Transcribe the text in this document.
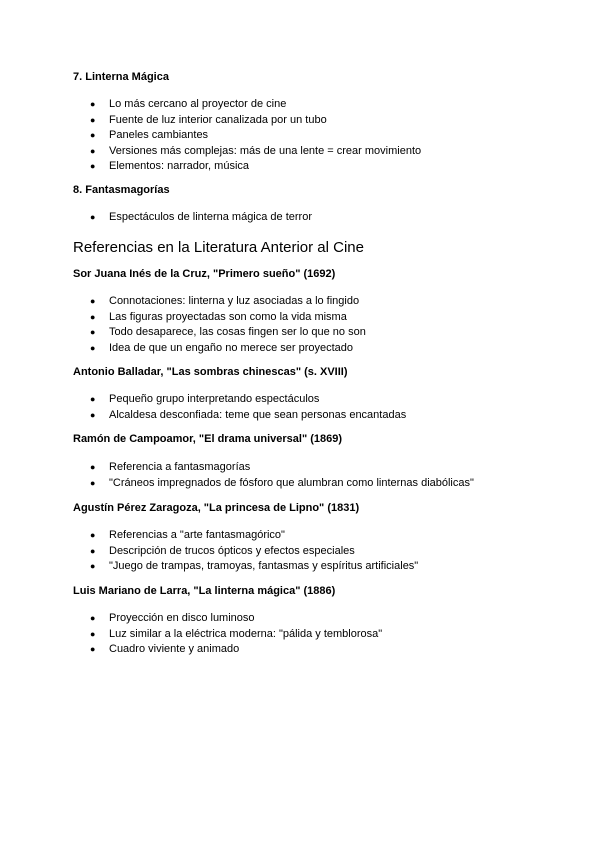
7. Linterna Mágica
● Lo más cercano al proyector de cine
● Fuente de luz interior canalizada por un tubo
● Paneles cambiantes
● Versiones más complejas: más de una lente = crear movimiento
● Elementos: narrador, música
8. Fantasmagorías
● Espectáculos de linterna mágica de terror
Referencias en la Literatura Anterior al Cine
Sor Juana Inés de la Cruz, "Primero sueño" (1692)
● Connotaciones: linterna y luz asociadas a lo fingido
● Las figuras proyectadas son como la vida misma
● Todo desaparece, las cosas fingen ser lo que no son
● Idea de que un engaño no merece ser proyectado
Antonio Balladar, "Las sombras chinescas" (s. XVIII)
● Pequeño grupo interpretando espectáculos
● Alcaldesa desconfiada: teme que sean personas encantadas
Ramón de Campoamor, "El drama universal" (1869)
● Referencia a fantasmagorías
● "Cráneos impregnados de fósforo que alumbran como linternas diabólicas"
Agustín Pérez Zaragoza, "La princesa de Lipno" (1831)
● Referencias a "arte fantasmagórico"
● Descripción de trucos ópticos y efectos especiales
● "Juego de trampas, tramoyas, fantasmas y espíritus artificiales"
Luis Mariano de Larra, "La linterna mágica" (1886)
● Proyección en disco luminoso
● Luz similar a la eléctrica moderna: "pálida y temblorosa"
● Cuadro viviente y animado
